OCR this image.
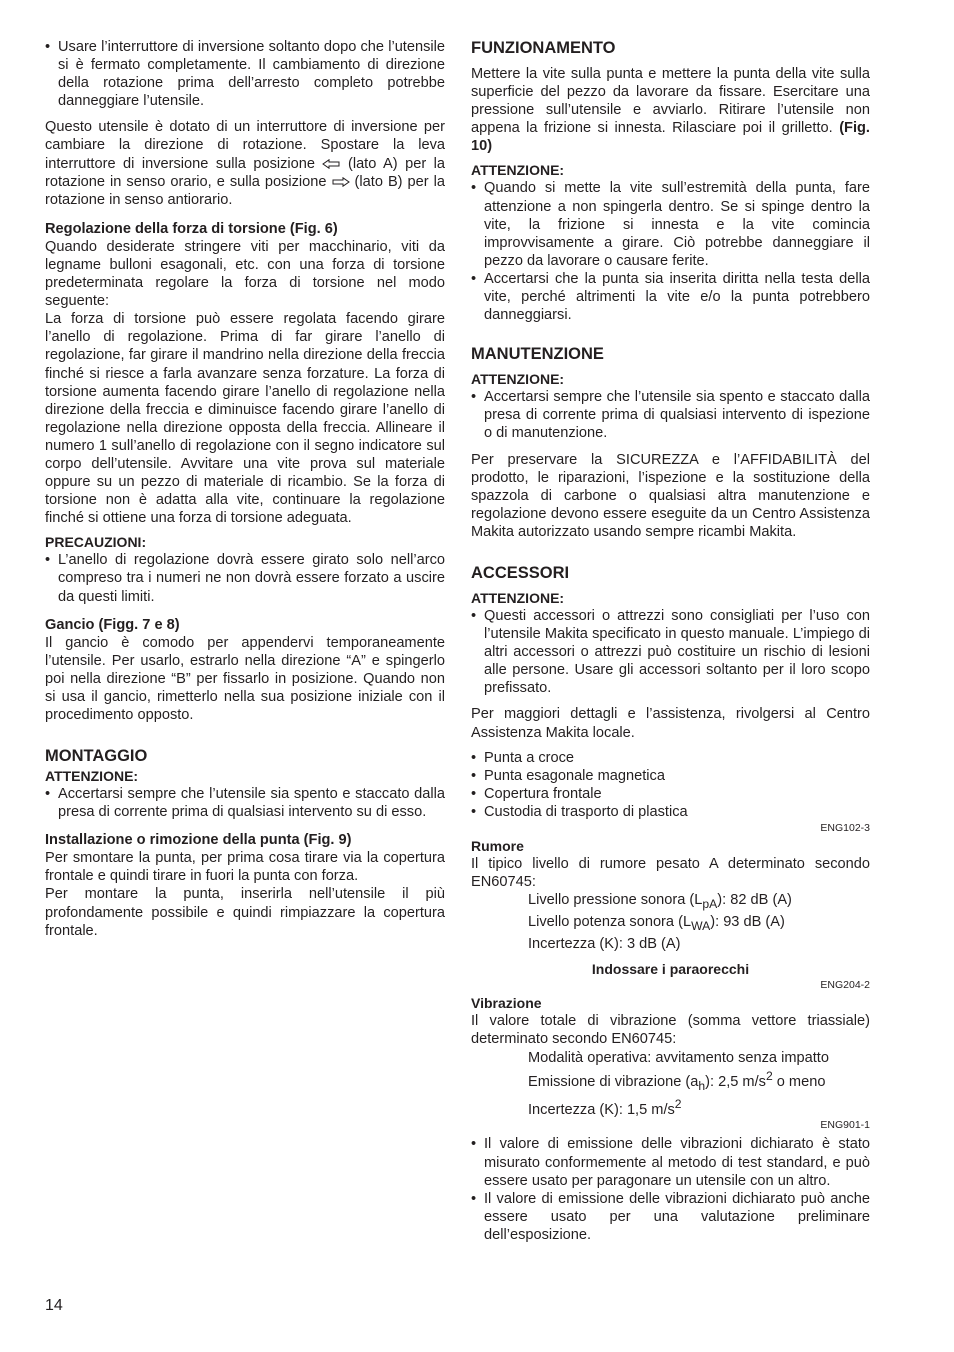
• Usare l’interruttore di inversione soltanto dopo che l’utensile si è fermato completamente. Il cambiamento di direzione della rotazione prima dell’arresto completo potrebbe danneggiare l’utensile.

Questo utensile è dotato di un interruttore di inversione per cambiare la direzione di rotazione. Spostare la leva interruttore di inversione sulla posizione (lato A) per la rotazione in senso orario, e sulla posizione (lato B) per la rotazione in senso antiorario.

Regolazione della forza di torsione (Fig. 6)

Quando desiderate stringere viti per macchinario, viti da legname bulloni esagonali, etc. con una forza di torsione predeterminata regolare la forza di torsione nel modo seguente:

La forza di torsione può essere regolata facendo girare l’anello di regolazione. Prima di far girare l’anello di regolazione, far girare il mandrino nella direzione della freccia finché si riesce a farla avanzare senza forzature. La forza di torsione aumenta facendo girare l’anello di regolazione nella direzione della freccia e diminuisce facendo girare l’anello di regolazione nella direzione opposta della freccia. Allineare il numero 1 sull’anello di regolazione con il segno indicatore sul corpo dell’utensile. Avvitare una vite prova sul materiale oppure su un pezzo di materiale di ricambio. Se la forza di torsione non è adatta alla vite, continuare la regolazione finché si ottiene una forza di torsione adeguata.

PRECAUZIONI:
• L’anello di regolazione dovrà essere girato solo nell’arco compreso tra i numeri ne non dovrà essere forzato a uscire da questi limiti.
Gancio (Figg. 7 e 8)

Il gancio è comodo per appendervi temporaneamente l’utensile. Per usarlo, estrarlo nella direzione “A” e spingerlo poi nella direzione “B” per fissarlo in posizione. Quando non si usa il gancio, rimetterlo nella sua posizione iniziale con il procedimento opposto.

MONTAGGIO
ATTENZIONE:
• Accertarsi sempre che l’utensile sia spento e staccato dalla presa di corrente prima di qualsiasi intervento su di esso.
Installazione o rimozione della punta (Fig. 9)

Per smontare la punta, per prima cosa tirare via la copertura frontale e quindi tirare in fuori la punta con forza.

Per montare la punta, inserirla nell’utensile il più profondamente possibile e quindi rimpiazzare la copertura frontale.

FUNZIONAMENTO

Mettere la vite sulla punta e mettere la punta della vite sulla superficie del pezzo da lavorare da fissare. Esercitare una pressione sull’utensile e avviarlo. Ritirare l’utensile non appena la frizione si innesta. Rilasciare poi il grilletto. (Fig. 10)

ATTENZIONE:
• Quando si mette la vite sull’estremità della punta, fare attenzione a non spingerla dentro. Se si spinge dentro la vite, la frizione si innesta e la vite comincia improvvisamente a girare. Ciò potrebbe danneggiare il pezzo da lavorare o causare ferite.
• Accertarsi che la punta sia inserita diritta nella testa della vite, perché altrimenti la vite e/o la punta potrebbero danneggiarsi.
MANUTENZIONE
ATTENZIONE:
• Accertarsi sempre che l’utensile sia spento e staccato dalla presa di corrente prima di qualsiasi intervento di ispezione o di manutenzione.

Per preservare la SICUREZZA e l’AFFIDABILITÀ del prodotto, le riparazioni, l’ispezione e la sostituzione della spazzola di carbone o qualsiasi altra manutenzione e regolazione devono essere eseguite da un Centro Assistenza Makita autorizzato usando sempre ricambi Makita.

ACCESSORI
ATTENZIONE:
• Questi accessori o attrezzi sono consigliati per l’uso con l’utensile Makita specificato in questo manuale. L’impiego di altri accessori o attrezzi può costituire un rischio di lesioni alle persone. Usare gli accessori soltanto per il loro scopo prefissato.

Per maggiori dettagli e l’assistenza, rivolgersi al Centro Assistenza Makita locale.

• Punta a croce
• Punta esagonale magnetica
• Copertura frontale
• Custodia di trasporto di plastica
ENG102-3
Rumore

Il tipico livello di rumore pesato A determinato secondo EN60745:

Livello pressione sonora $(L_{pA})$: 82 dB (A)
Livello potenza sonora $(L_{WA})$: 93 dB (A)
Incertezza (K): 3 dB (A)
Indossare i paraorecchi
ENG204-2
Vibrazione

Il valore totale di vibrazione (somma vettore triassiale) determinato secondo EN60745:

Modalità operativa: avvitamento senza impatto
Emissione di vibrazione $(a_h)$: 2,5 $m/s^2$ o meno
Incertezza (K): 1,5 $m/s^2$
ENG901-1
• Il valore di emissione delle vibrazioni dichiarato è stato misurato conformemente al metodo di test standard, e può essere usato per paragonare un utensile con un altro.
• Il valore di emissione delle vibrazioni dichiarato può anche essere usato per una valutazione preliminare dell’esposizione.
14
